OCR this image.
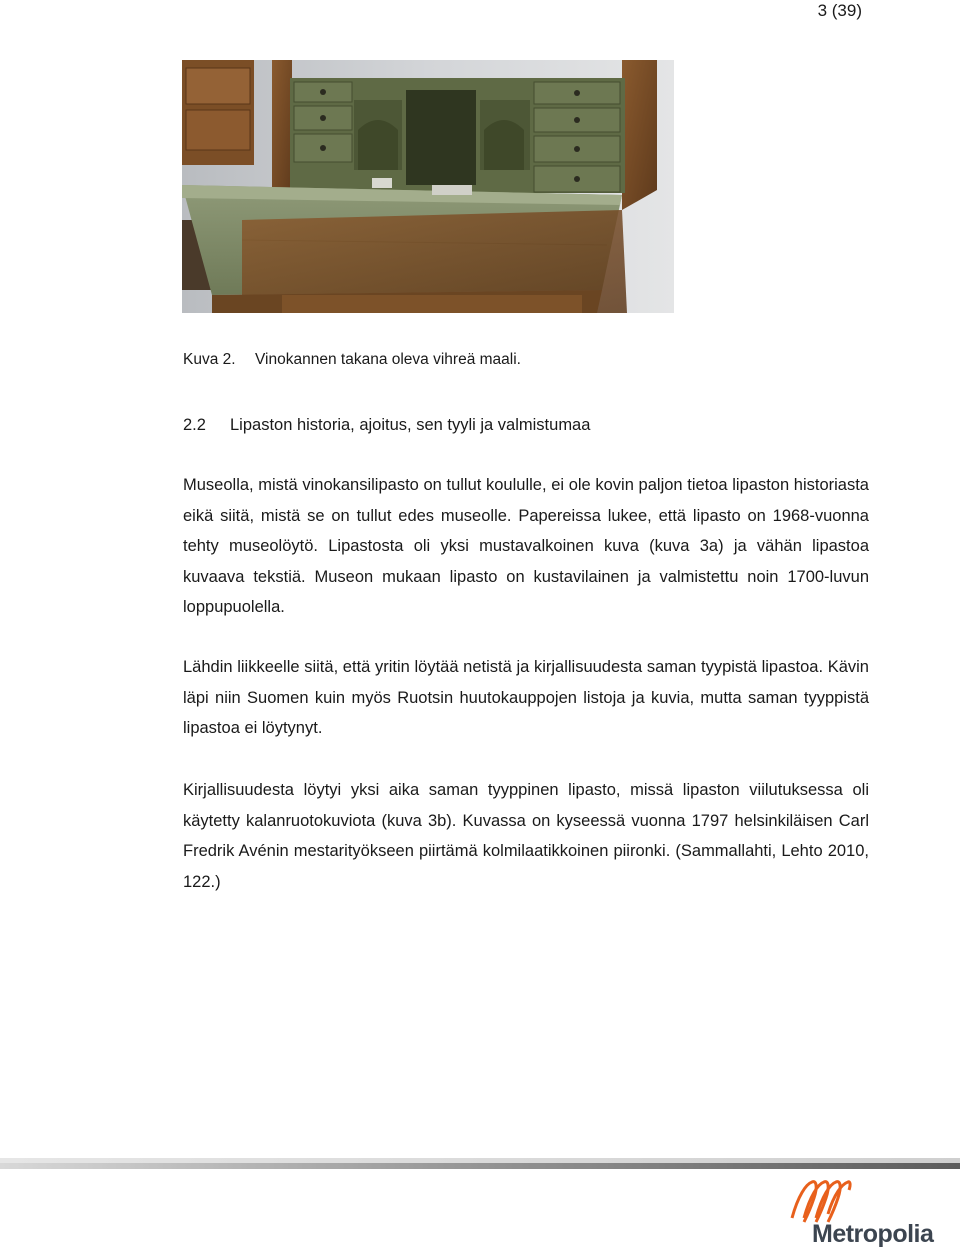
3 (39)
Kuva 2. Vinokannen takana oleva vihreä maali.
2.2 Lipaston historia, ajoitus, sen tyyli ja valmistumaa

Museolla, mistä vinokansilipasto on tullut koululle, ei ole kovin paljon tietoa lipaston historiasta eikä siitä, mistä se on tullut edes museolle. Papereissa lukee, että lipasto on 1968-vuonna tehty museolöytö. Lipastosta oli yksi mustavalkoinen kuva (kuva 3a) ja vähän lipastoa kuvaava tekstiä. Museon mukaan lipasto on kustavilainen ja valmistettu noin 1700-luvun loppupuolella.

Lähdin liikkeelle siitä, että yritin löytää netistä ja kirjallisuudesta saman tyypistä lipastoa. Kävin läpi niin Suomen kuin myös Ruotsin huutokauppojen listoja ja kuvia, mutta saman tyyppistä lipastoa ei löytynyt.

Kirjallisuudesta löytyi yksi aika saman tyyppinen lipasto, missä lipaston viilutuksessa oli käytetty kalanruotokuviota (kuva 3b). Kuvassa on kyseessä vuonna 1797 helsinkiläisen Carl Fredrik Avénin mestarityökseen piirtämä kolmilaatikkoinen piironki. (Sammallahti, Lehto 2010, 122.)

Metropolia
